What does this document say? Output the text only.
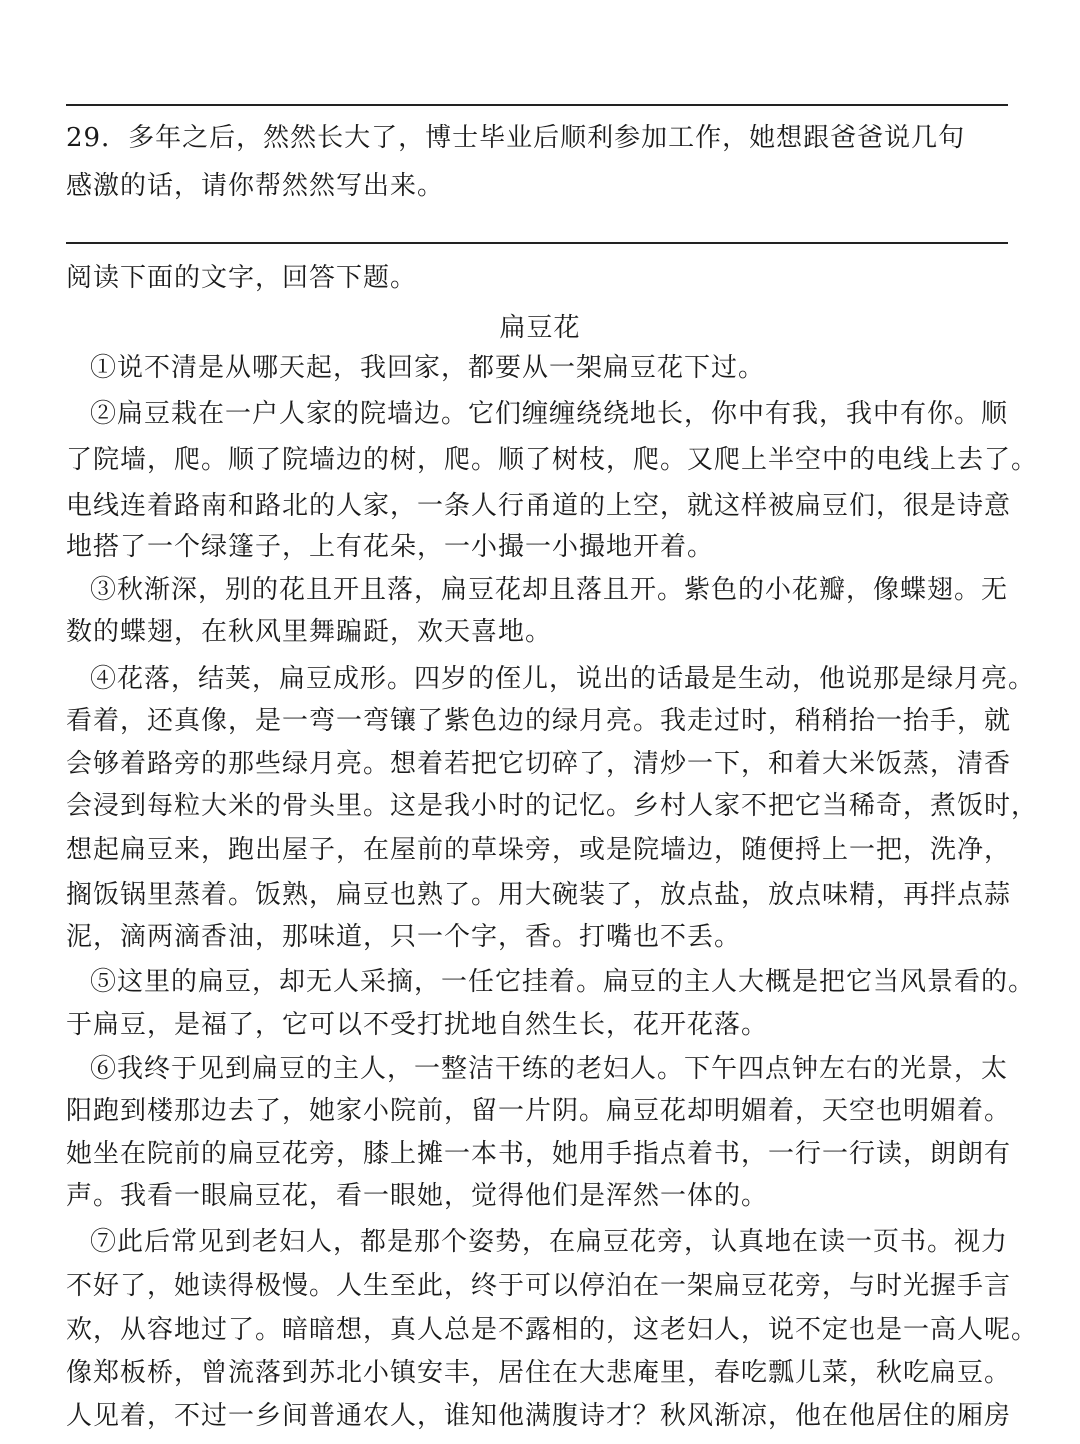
29．多年之后，然然长大了，博士毕业后顺利参加工作，她想跟爸爸说几句
感激的话，请你帮然然写出来。
阅读下面的文字，回答下题。
扁豆花
①说不清是从哪天起，我回家，都要从一架扁豆花下过。
②扁豆栽在一户人家的院墙边。它们缠缠绕绕地长，你中有我，我中有你。顺
了院墙，爬。顺了院墙边的树，爬。顺了树枝，爬。又爬上半空中的电线上去了。
电线连着路南和路北的人家，一条人行甬道的上空，就这样被扁豆们，很是诗意
地搭了一个绿篷子，上有花朵，一小撮一小撮地开着。
③秋渐深，别的花且开且落，扁豆花却且落且开。紫色的小花瓣，像蝶翅。无
数的蝶翅，在秋风里舞蹁跹，欢天喜地。
④花落，结荚，扁豆成形。四岁的侄儿，说出的话最是生动，他说那是绿月亮。
看着，还真像，是一弯一弯镶了紫色边的绿月亮。我走过时，稍稍抬一抬手，就
会够着路旁的那些绿月亮。想着若把它切碎了，清炒一下，和着大米饭蒸，清香
会浸到每粒大米的骨头里。这是我小时的记忆。乡村人家不把它当稀奇，煮饭时，
想起扁豆来，跑出屋子，在屋前的草垛旁，或是院墙边，随便捋上一把，洗净，
搁饭锅里蒸着。饭熟，扁豆也熟了。用大碗装了，放点盐，放点味精，再拌点蒜
泥，滴两滴香油，那味道，只一个字，香。打嘴也不丢。
⑤这里的扁豆，却无人采摘，一任它挂着。扁豆的主人大概是把它当风景看的。
于扁豆，是福了，它可以不受打扰地自然生长，花开花落。
⑥我终于见到扁豆的主人，一整洁干练的老妇人。下午四点钟左右的光景，太
阳跑到楼那边去了，她家小院前，留一片阴。扁豆花却明媚着，天空也明媚着。
她坐在院前的扁豆花旁，膝上摊一本书，她用手指点着书，一行一行读，朗朗有
声。我看一眼扁豆花，看一眼她，觉得他们是浑然一体的。
⑦此后常见到老妇人，都是那个姿势，在扁豆花旁，认真地在读一页书。视力
不好了，她读得极慢。人生至此，终于可以停泊在一架扁豆花旁，与时光握手言
欢，从容地过了。暗暗想，真人总是不露相的，这老妇人，说不定也是一高人呢。
像郑板桥，曾流落到苏北小镇安丰，居住在大悲庵里，春吃瓢儿菜，秋吃扁豆。
人见着，不过一乡间普通农人，谁知他满腹诗才？秋风渐凉，他在他居住的厢房
